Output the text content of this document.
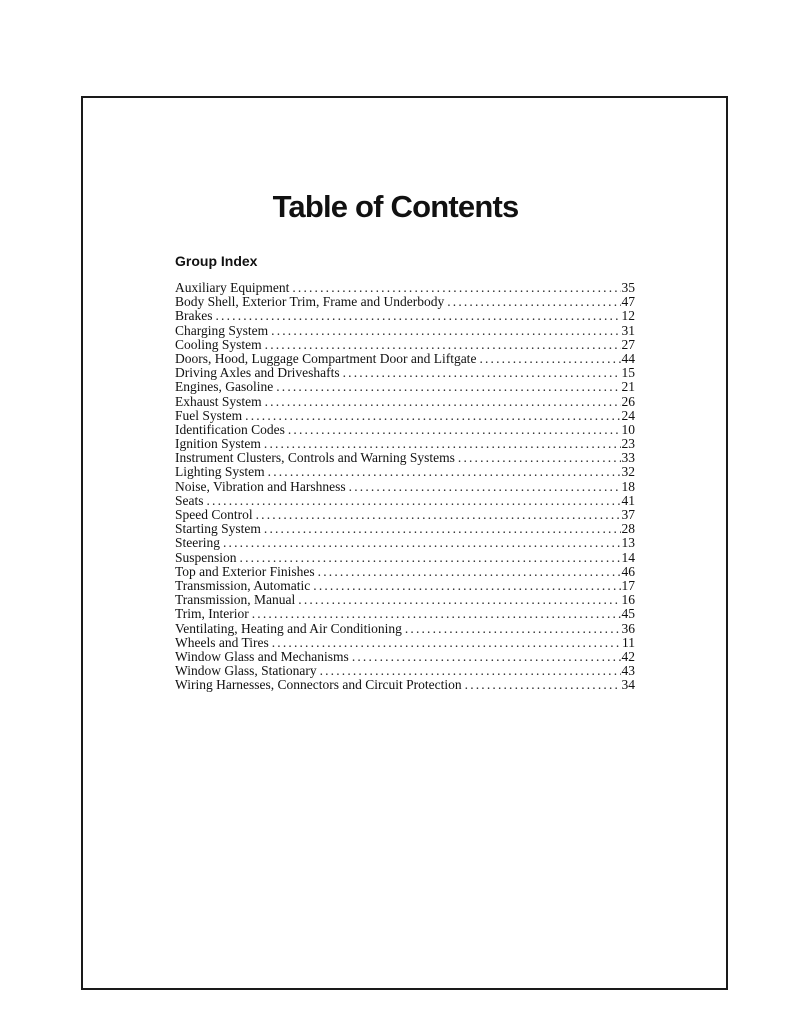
Table of Contents
Group Index
Auxiliary Equipment . . .	35
Body Shell, Exterior Trim, Frame and Underbody . . .	47
Brakes . . .	12
Charging System . . .	31
Cooling System . . .	27
Doors, Hood, Luggage Compartment Door and Liftgate . . .	44
Driving Axles and Driveshafts . . .	15
Engines, Gasoline . . .	21
Exhaust System . . .	26
Fuel System . . .	24
Identification Codes . . .	10
Ignition System . . .	23
Instrument Clusters, Controls and Warning Systems . . .	33
Lighting System . . .	32
Noise, Vibration and Harshness . . .	18
Seats . . .	41
Speed Control . . .	37
Starting System . . .	28
Steering . . .	13
Suspension . . .	14
Top and Exterior Finishes . . .	46
Transmission, Automatic . . .	17
Transmission, Manual . . .	16
Trim, Interior . . .	45
Ventilating, Heating and Air Conditioning . . .	36
Wheels and Tires . . .	11
Window Glass and Mechanisms . . .	42
Window Glass, Stationary . . .	43
Wiring Harnesses, Connectors and Circuit Protection . . .	34
